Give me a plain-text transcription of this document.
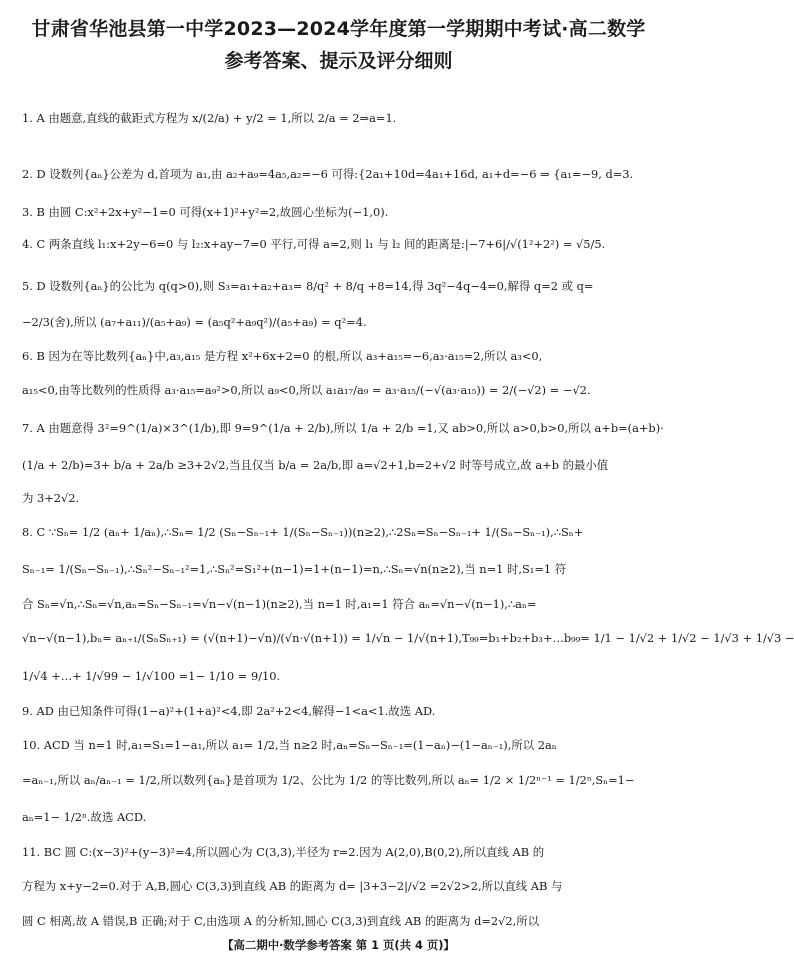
甘肃省华池县第一中学2023—2024学年度第一学期期中考试·高二数学
参考答案、提示及评分细则
1. A 由题意,直线的截距式方程为 x/(2/a) + y/2 = 1,所以 2/a = 2⇒a=1.
2. D 设数列{aₙ}公差为 d,首项为 a₁,由 a₂+a₉=4a₅,a₂=−6 可得:{2a₁+10d=4a₁+16d, a₁+d=−6 ⇒ {a₁=−9, d=3.
3. B 由圆 C:x²+2x+y²−1=0 可得(x+1)²+y²=2,故圆心坐标为(−1,0).
4. C 两条直线 l₁:x+2y−6=0 与 l₂:x+ay−7=0 平行,可得 a=2,则 l₁ 与 l₂ 间的距离是:|−7+6|/√(1²+2²) = √5/5.
5. D 设数列{aₙ}的公比为 q(q>0),则 S₃=a₁+a₂+a₃= 8/q² + 8/q +8=14,得 3q²−4q−4=0,解得 q=2 或 q=
−2/3(舍),所以 (a₇+a₁₁)/(a₅+a₉) = (a₅q²+a₉q²)/(a₅+a₉) = q²=4.
6. B 因为在等比数列{aₙ}中,a₃,a₁₅ 是方程 x²+6x+2=0 的根,所以 a₃+a₁₅=−6,a₃·a₁₅=2,所以 a₃<0,
a₁₅<0,由等比数列的性质得 a₃·a₁₅=a₉²>0,所以 a₉<0,所以 a₁a₁₇/a₉ = a₃·a₁₅/(−√(a₃·a₁₅)) = 2/(−√2) = −√2.
7. A 由题意得 3²=9^(1/a)×3^(1/b),即 9=9^(1/a + 2/b),所以 1/a + 2/b =1,又 ab>0,所以 a>0,b>0,所以 a+b=(a+b)·
(1/a + 2/b)=3+ b/a + 2a/b ≥3+2√2,当且仅当 b/a = 2a/b,即 a=√2+1,b=2+√2 时等号成立,故 a+b 的最小值
为 3+2√2.
8. C ∵Sₙ= 1/2 (aₙ+ 1/aₙ),∴Sₙ= 1/2 (Sₙ−Sₙ₋₁+ 1/(Sₙ−Sₙ₋₁))(n≥2),∴2Sₙ=Sₙ−Sₙ₋₁+ 1/(Sₙ−Sₙ₋₁),∴Sₙ+
Sₙ₋₁= 1/(Sₙ−Sₙ₋₁),∴Sₙ²−Sₙ₋₁²=1,∴Sₙ²=S₁²+(n−1)=1+(n−1)=n,∴Sₙ=√n(n≥2),当 n=1 时,S₁=1 符
合 Sₙ=√n,∴Sₙ=√n,aₙ=Sₙ−Sₙ₋₁=√n−√(n−1)(n≥2),当 n=1 时,a₁=1 符合 aₙ=√n−√(n−1),∴aₙ=
√n−√(n−1),bₙ= aₙ₊₁/(SₙSₙ₊₁) = (√(n+1)−√n)/(√n·√(n+1)) = 1/√n − 1/√(n+1),T₉₉=b₁+b₂+b₃+…b₉₉= 1/1 − 1/√2 + 1/√2 − 1/√3 + 1/√3 −
1/√4 +…+ 1/√99 − 1/√100 =1− 1/10 = 9/10.
9. AD 由已知条件可得(1−a)²+(1+a)²<4,即 2a²+2<4,解得−1<a<1.故选 AD.
10. ACD 当 n=1 时,a₁=S₁=1−a₁,所以 a₁= 1/2,当 n≥2 时,aₙ=Sₙ−Sₙ₋₁=(1−aₙ)−(1−aₙ₋₁),所以 2aₙ
=aₙ₋₁,所以 aₙ/aₙ₋₁ = 1/2,所以数列{aₙ}是首项为 1/2、公比为 1/2 的等比数列,所以 aₙ= 1/2 × 1/2ⁿ⁻¹ = 1/2ⁿ,Sₙ=1−
aₙ=1− 1/2ⁿ.故选 ACD.
11. BC 圆 C:(x−3)²+(y−3)²=4,所以圆心为 C(3,3),半径为 r=2.因为 A(2,0),B(0,2),所以直线 AB 的
方程为 x+y−2=0.对于 A,B,圆心 C(3,3)到直线 AB 的距离为 d= |3+3−2|/√2 =2√2>2,所以直线 AB 与
圆 C 相离,故 A 错误,B 正确;对于 C,由选项 A 的分析知,圆心 C(3,3)到直线 AB 的距离为 d=2√2,所以
【高二期中·数学参考答案 第 1 页(共 4 页)】
